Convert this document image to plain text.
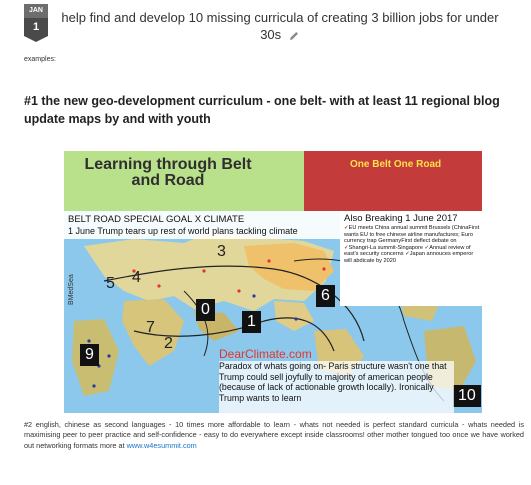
JAN
1
help find and develop 10 missing curricula of creating 3 billion jobs for under 30s
examples:
#1 the new geo-development curriculum - one belt- with at least 11 regional blog update maps by and with youth
Learning through Belt and Road
One Belt One Road
BELT ROAD SPECIAL GOAL X CLIMATE
1 June Trump tears up rest of world plans tackling climate
Also Breaking 1 June 2017
✓EU meets China annual summit Brussels (ChinaFirst wants EU to free chinese airline manufactures; Euro currency trap GermanyFirst deflect debate on ✓Shangri-La summit-Singapore ✓Annual review of east's security concerns ✓Japan annouces emperor will abdicate by 2020
BMedSea
3
4
5
0
1
7
2
6
9
10
DearClimate.com
Paradox of whats going on- Paris structure wasn't one that Trump could sell joyfully to majority of american people (because of lack of actionable growth locally). Ironically Trump wants to learn
#2 english, chinese as second languages - 10 times more affordable to learn - whats not needed is perfect standard curricula - whats needed is maximising peer to peer practice and self-confidence - easy to do everywhere except inside classrooms! other mother tongued too once we have worked out networking formats more at www.w4esummit.com
